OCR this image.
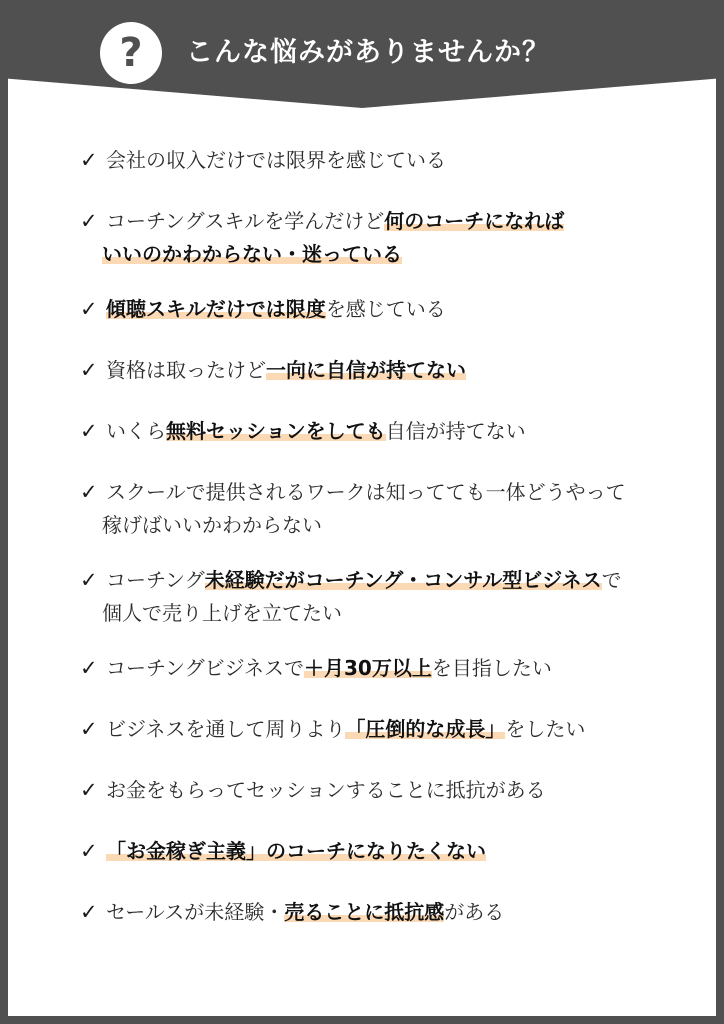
? こんな悩みがありませんか？
✓ 会社の収入だけでは限界を感じている
✓ コーチングスキルを学んだけど何のコーチになれば
いいのかわからない・迷っている
✓ 傾聴スキルだけでは限度を感じている
✓ 資格は取ったけど一向に自信が持てない
✓ いくら無料セッションをしても自信が持てない
✓ スクールで提供されるワークは知ってても一体どうやって
稼げばいいかわからない
✓ コーチング未経験だがコーチング・コンサル型ビジネスで
個人で売り上げを立てたい
✓ コーチングビジネスで＋月30万以上を目指したい
✓ ビジネスを通して周りより「圧倒的な成長」をしたい
✓ お金をもらってセッションすることに抵抗がある
✓ 「お金稼ぎ主義」のコーチになりたくない
✓ セールスが未経験・売ることに抵抗感がある
